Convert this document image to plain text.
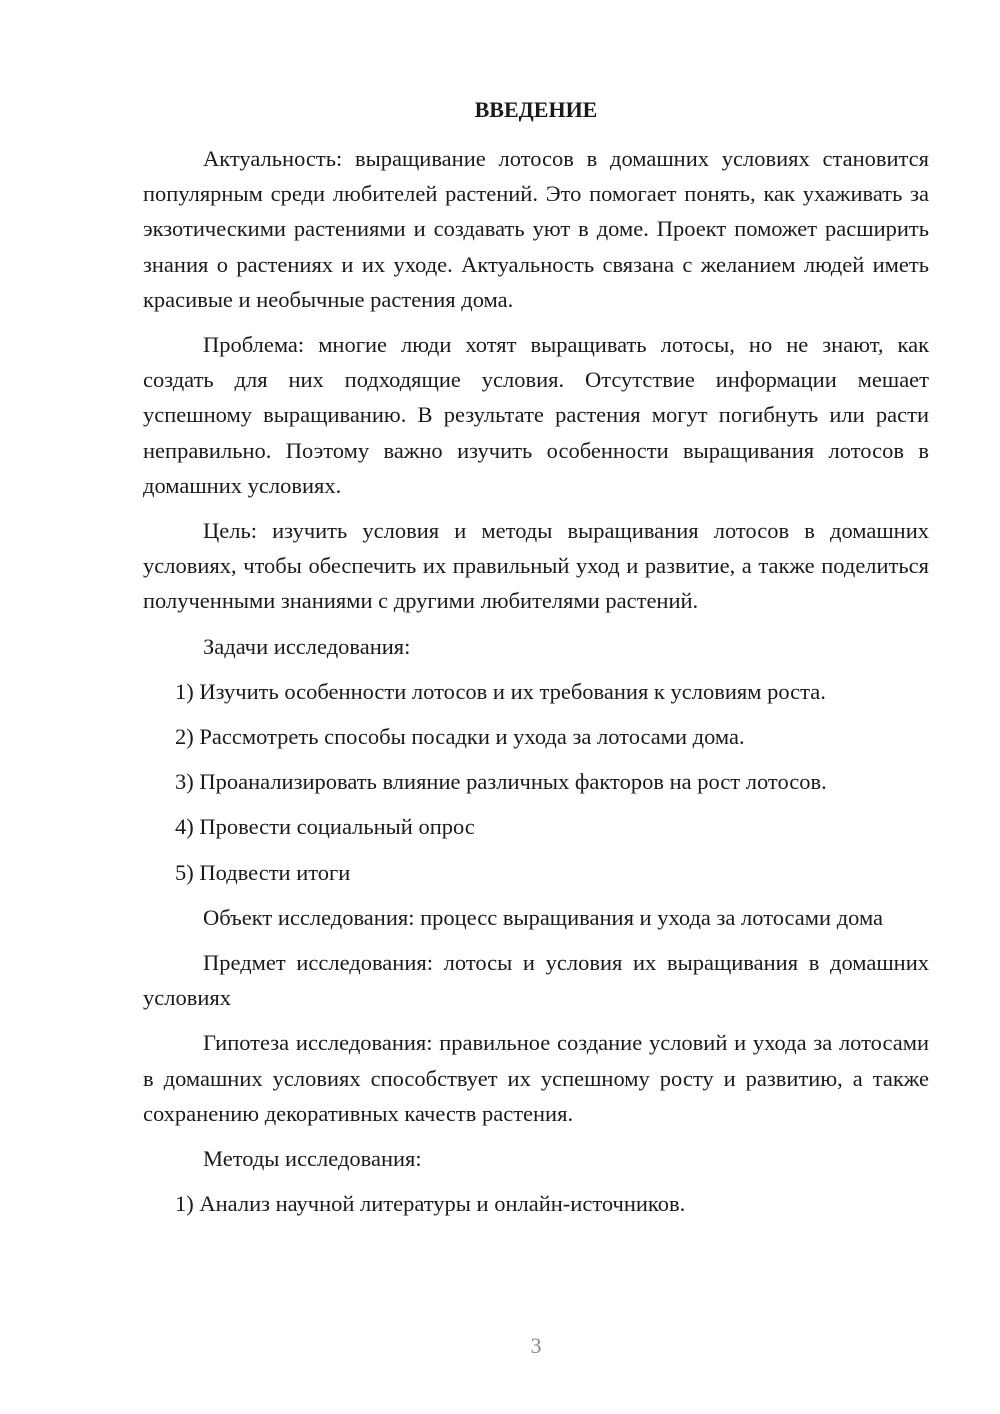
ВВЕДЕНИЕ
Актуальность: выращивание лотосов в домашних условиях становится популярным среди любителей растений. Это помогает понять, как ухаживать за экзотическими растениями и создавать уют в доме. Проект поможет расширить знания о растениях и их уходе. Актуальность связана с желанием людей иметь красивые и необычные растения дома.
Проблема: многие люди хотят выращивать лотосы, но не знают, как создать для них подходящие условия. Отсутствие информации мешает успешному выращиванию. В результате растения могут погибнуть или расти неправильно. Поэтому важно изучить особенности выращивания лотосов в домашних условиях.
Цель: изучить условия и методы выращивания лотосов в домашних условиях, чтобы обеспечить их правильный уход и развитие, а также поделиться полученными знаниями с другими любителями растений.
Задачи исследования:
1) Изучить особенности лотосов и их требования к условиям роста.
2) Рассмотреть способы посадки и ухода за лотосами дома.
3) Проанализировать влияние различных факторов на рост лотосов.
4) Провести социальный опрос
5) Подвести итоги
Объект исследования: процесс выращивания и ухода за лотосами дома
Предмет исследования: лотосы и условия их выращивания в домашних условиях
Гипотеза исследования: правильное создание условий и ухода за лотосами в домашних условиях способствует их успешному росту и развитию, а также сохранению декоративных качеств растения.
Методы исследования:
1) Анализ научной литературы и онлайн-источников.
3
